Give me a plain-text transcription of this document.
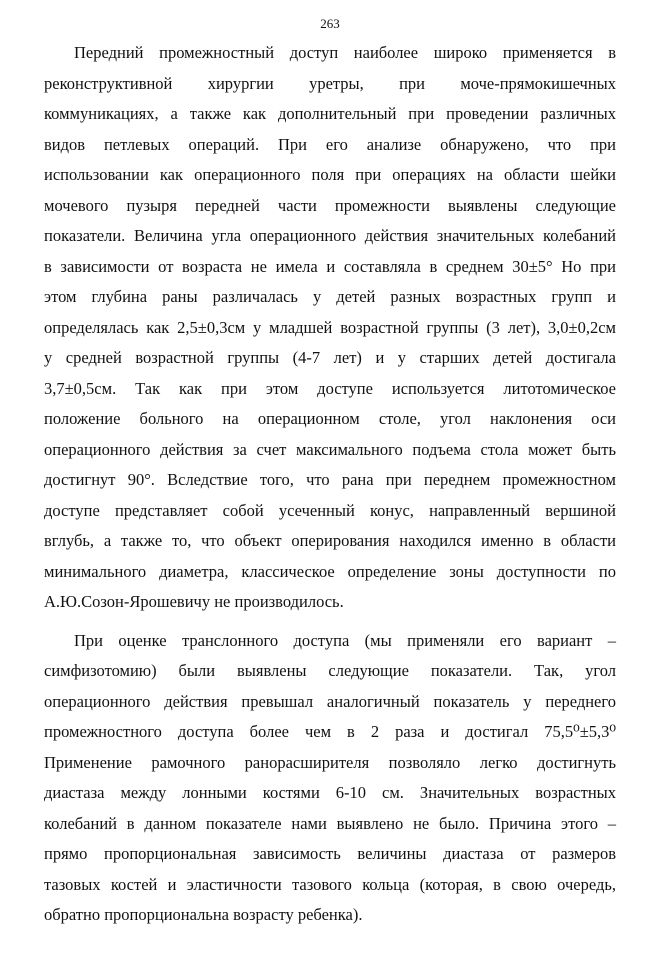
263
Передний промежностный доступ наиболее широко применяется в
реконструктивной хирургии уретры, при моче-прямокишечных
коммуникациях, а также как дополнительный при проведении различных
видов петлевых операций. При его анализе обнаружено, что при
использовании как операционного поля при операциях на области шейки
мочевого пузыря передней части промежности выявлены следующие
показатели. Величина угла операционного действия значительных колебаний
в зависимости от возраста не имела и составляла в среднем 30±5° Но при
этом глубина раны различалась у детей разных возрастных групп и
определялась как 2,5±0,3см у младшей возрастной группы (3 лет), 3,0±0,2см
у средней возрастной группы (4-7 лет) и у старших детей достигала
3,7±0,5см. Так как при этом доступе используется литотомическое
положение больного на операционном столе, угол наклонения оси
операционного действия за счет максимального подъема стола может быть
достигнут 90°. Вследствие того, что рана при переднем промежностном
доступе представляет собой усеченный конус, направленный вершиной
вглубь, а также то, что объект оперирования находился именно в области
минимального диаметра, классическое определение зоны доступности по
А.Ю.Созон-Ярошевичу не производилось.
При оценке транслонного доступа (мы применяли его вариант –
симфизотомию) были выявлены следующие показатели. Так, угол
операционного действия превышал аналогичный показатель у переднего
промежностного доступа более чем в 2 раза и достигал 75,5⁰±5,3⁰
Применение рамочного ранорасширителя позволяло легко достигнуть
диастаза между лонными костями 6-10 см. Значительных возрастных
колебаний в данном показателе нами выявлено не было. Причина этого –
прямо пропорциональная зависимость величины диастаза от размеров
тазовых костей и эластичности тазового кольца (которая, в свою очередь,
обратно пропорциональна возрасту ребенка).
